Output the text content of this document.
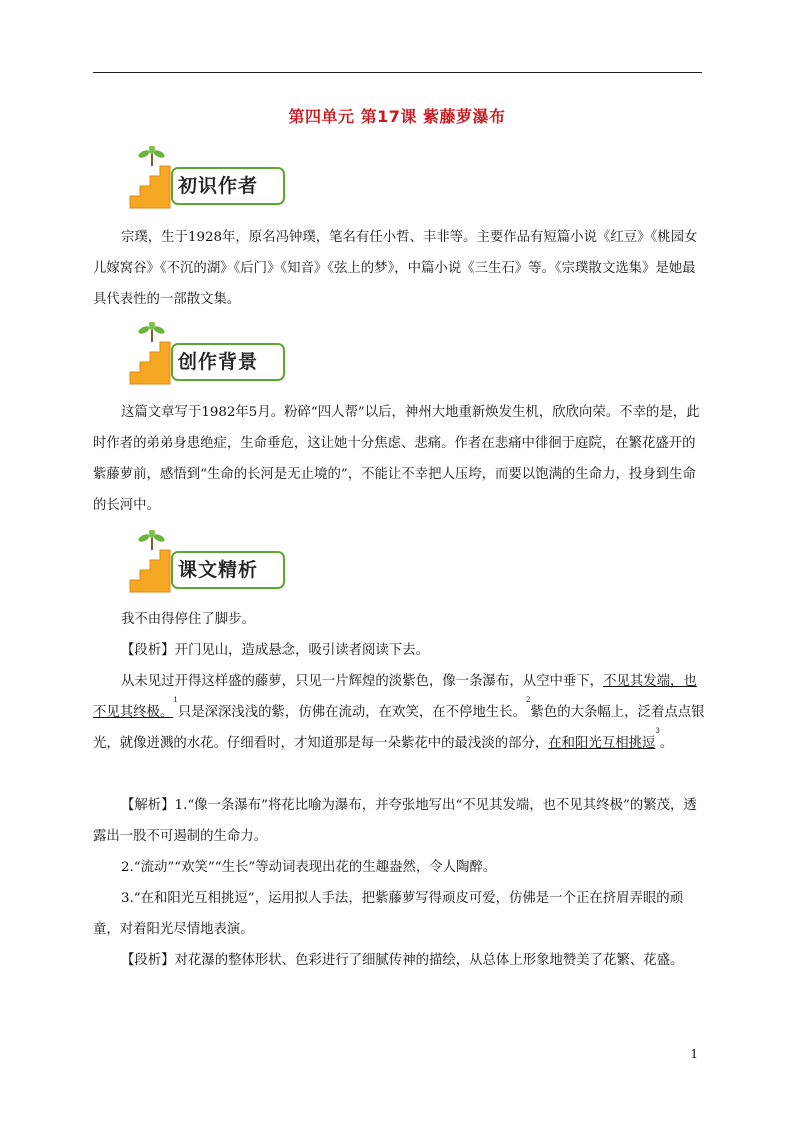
第四单元 第17课 紫藤萝瀑布
初识作者

宗璞，生于1928年，原名冯钟璞，笔名有任小哲、丰非等。主要作品有短篇小说《红豆》《桃园女儿嫁窝谷》《不沉的湖》《后门》《知音》《弦上的梦》，中篇小说《三生石》等。《宗璞散文选集》是她最具代表性的一部散文集。

创作背景

这篇文章写于1982年5月。粉碎“四人帮”以后，神州大地重新焕发生机，欣欣向荣。不幸的是，此时作者的弟弟身患绝症，生命垂危，这让她十分焦虑、悲痛。作者在悲痛中徘徊于庭院，在繁花盛开的紫藤萝前，感悟到“生命的长河是无止境的”，不能让不幸把人压垮，而要以饱满的生命力，投身到生命的长河中。

课文精析

我不由得停住了脚步。

【段析】开门见山，造成悬念，吸引读者阅读下去。

从未见过开得这样盛的藤萝，只见一片辉煌的淡紫色，像一条瀑布，从空中垂下，不见其发端，也不见其终极。$^1$只是深深浅浅的紫，仿佛在流动，在欢笑，在不停地生长。$^2$紫色的大条幅上，泛着点点银光，就像迸溅的水花。仔细看时，才知道那是每一朵紫花中的最浅淡的部分，在和阳光互相挑逗$^3$。

【解析】1.“像一条瀑布”将花比喻为瀑布，并夸张地写出“不见其发端，也不见其终极”的繁茂，透露出一股不可遏制的生命力。

2.“流动”“欢笑”“生长”等动词表现出花的生趣盎然，令人陶醉。

3.“在和阳光互相挑逗”，运用拟人手法，把紫藤萝写得顽皮可爱，仿佛是一个正在挤眉弄眼的顽童，对着阳光尽情地表演。

【段析】对花瀑的整体形状、色彩进行了细腻传神的描绘，从总体上形象地赞美了花繁、花盛。

1
